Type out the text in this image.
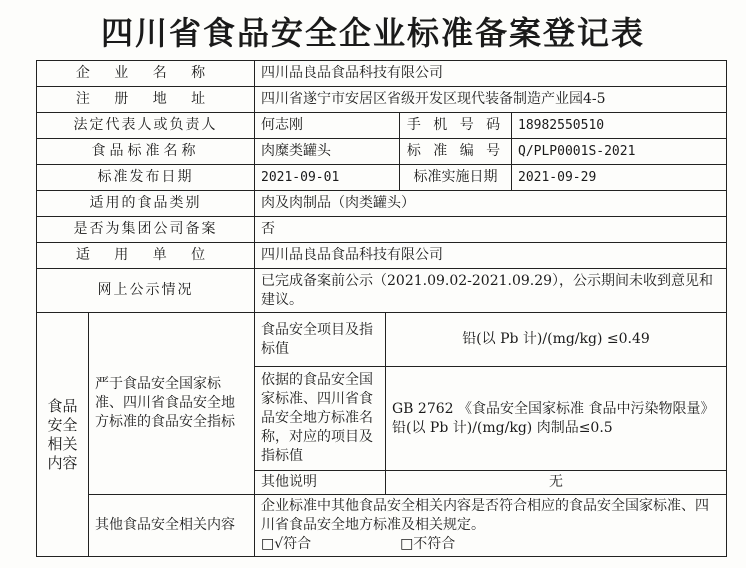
四川省食品安全企业标准备案登记表
企 业 名 称		四川品良品食品科技有限公司			
注 册 地 址		四川省遂宁市安居区省级开发区现代装备制造产业园4-5			
法定代表人或负责人		何志刚		手 机 号 码	18982550510
食品标准名称		肉糜类罐头		标 准 编 号	Q/PLP0001S-2021
标准发布日期		2021-09-01		标准实施日期	2021-09-29
适用的食品类别		肉及肉制品（肉类罐头）			
是否为集团公司备案		否			
适 用 单 位		四川品良品食品科技有限公司			
网上公示情况		已完成备案前公示（2021.09.02-2021.09.29），公示期间未收到意见和建议。			
食品安全相关内容	严于食品安全国家标准、四川省食品安全地方标准的食品安全指标	食品安全项目及指标值	铅(以 Pb 计)/(mg/kg) ≤0.49		
		依据的食品安全国家标准、四川省食品安全地方标准名称，对应的项目及指标值	GB 2762 《食品安全国家标准 食品中污染物限量》
铅(以 Pb 计)/(mg/kg) 肉制品≤0.5		

		其他说明	无		
	其他食品安全相关内容	企业标准中其他食品安全相关内容是否符合相应的食品安全国家标准、四川省食品安全地方标准及相关规定。
□√符合 □不符合			
